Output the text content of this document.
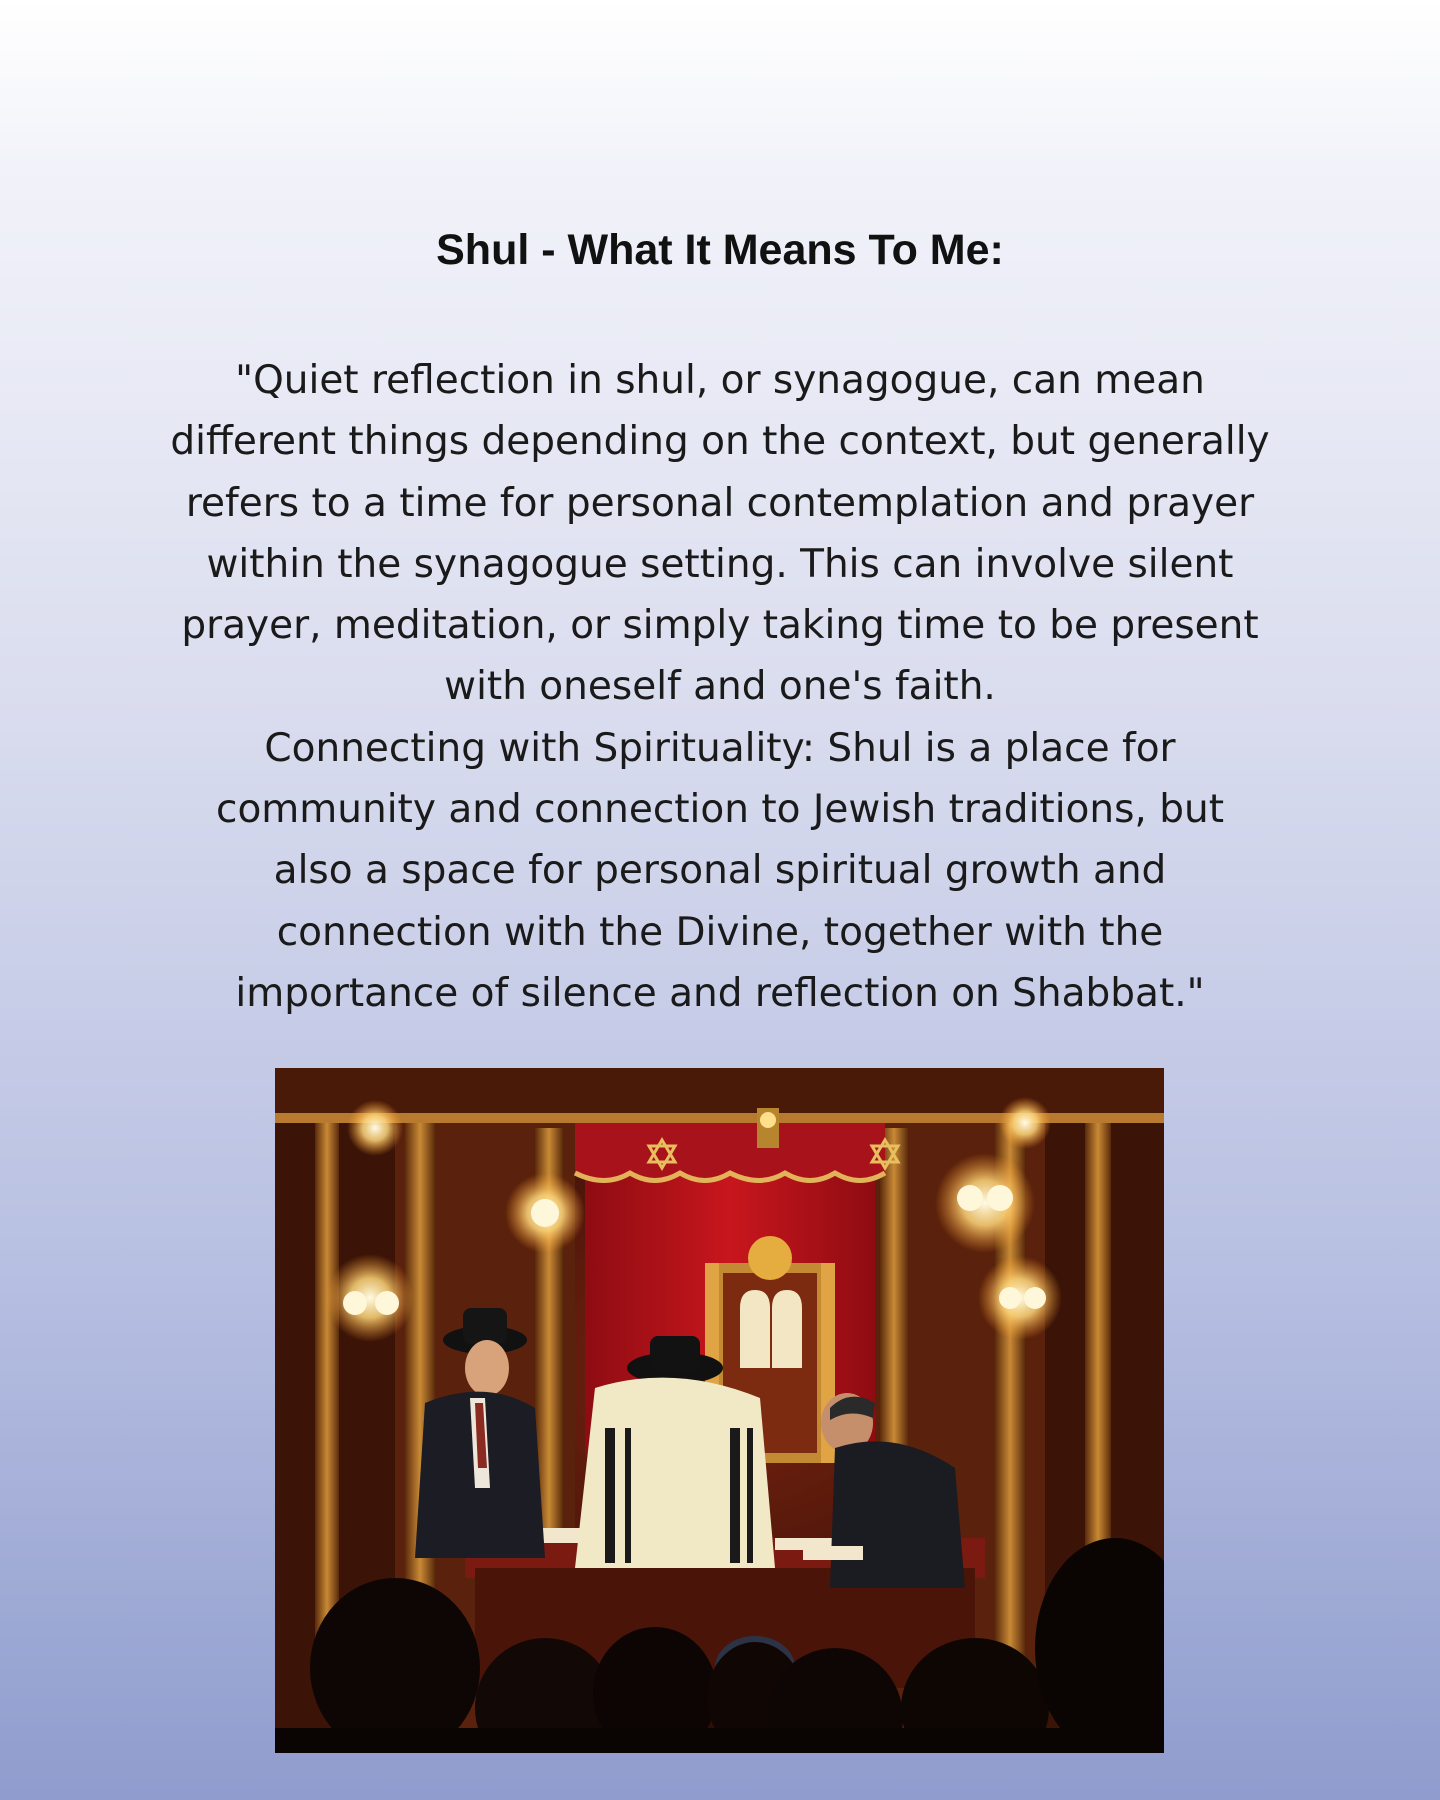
Shul - What It Means To Me:
"Quiet reflection in shul, or synagogue, can mean
different things depending on the context, but generally
refers to a time for personal contemplation and prayer
within the synagogue setting. This can involve silent
prayer, meditation, or simply taking time to be present
with oneself and one's faith.
Connecting with Spirituality: Shul is a place for
community and connection to Jewish traditions, but
also a space for personal spiritual growth and
connection with the Divine, together with the
importance of silence and reflection on Shabbat."
